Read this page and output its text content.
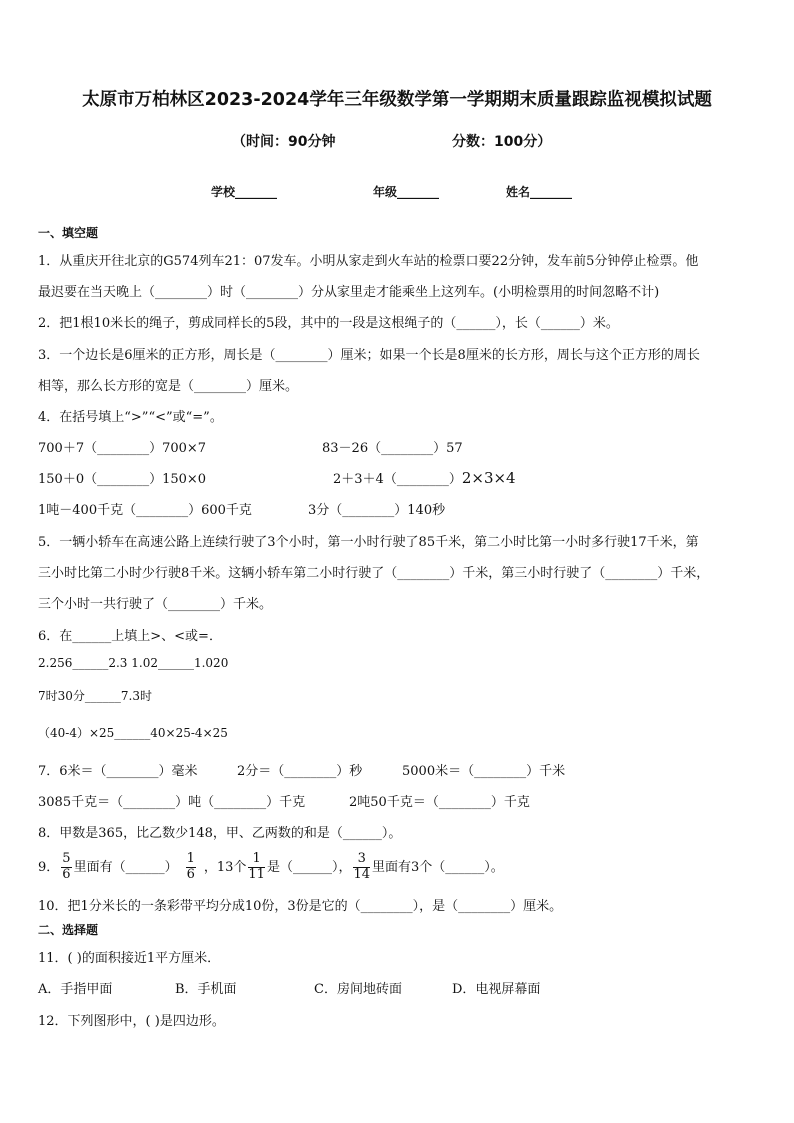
太原市万柏林区2023-2024学年三年级数学第一学期期末质量跟踪监视模拟试题
（时间：90分钟	分数：100分）
学校_______	年级_______	姓名_______
一、填空题
1．从重庆开往北京的G574列车21：07发车。小明从家走到火车站的检票口要22分钟，发车前5分钟停止检票。他
最迟要在当天晚上（________）时（________）分从家里走才能乘坐上这列车。(小明检票用的时间忽略不计)
2．把1根10米长的绳子，剪成同样长的5段，其中的一段是这根绳子的（______），长（______）米。
3．一个边长是6厘米的正方形，周长是（________）厘米；如果一个长是8厘米的长方形，周长与这个正方形的周长
相等，那么长方形的宽是（________）厘米。
4．在括号填上“>”“<”或“=”。
700＋7（________）700×7	83－26（________）57
150＋0（________）150×0	2＋3＋4（________）2×3×4
1吨－400千克（________）600千克	3分（________）140秒
5．一辆小轿车在高速公路上连续行驶了3个小时，第一小时行驶了85千米，第二小时比第一小时多行驶17千米，第
三小时比第二小时少行驶8千米。这辆小轿车第二小时行驶了（________）千米，第三小时行驶了（________）千米，
三个小时一共行驶了（________）千米。
6．在______上填上>、<或=．
2.256______2.3 1.02______1.020
7时30分______7.3时
（40-4）×25______40×25-4×25
7．6米＝（________）毫米	2分＝（________）秒	5000米＝（________）千米
3085千克＝（________）吨（________）千克	2吨50千克＝（________）千克
8．甲数是365，比乙数少148，甲、乙两数的和是（______）。
9． $\frac{5}{6}$ 里面有（______） $\frac{1}{6}$ ，13个 $\frac{1}{11}$ 是（______）， $\frac{3}{14}$ 里面有3个（______）。
10．把1分米长的一条彩带平均分成10份，3份是它的（________），是（________）厘米。
二、选择题
11．( )的面积接近1平方厘米．
A．手指甲面	B．手机面	C．房间地砖面	D．电视屏幕面
12．下列图形中，( )是四边形。
